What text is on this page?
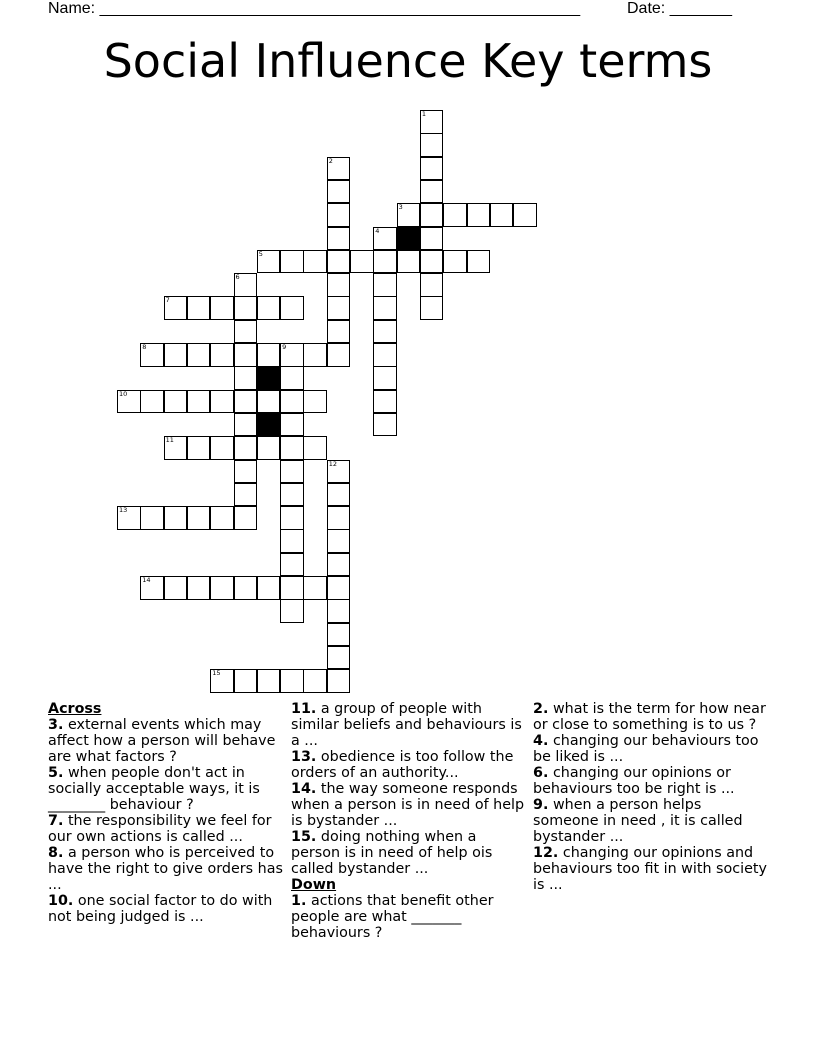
Name: ______________________________________________________	Date: _______
Social Influence Key terms
1
2
3
4
5
6
7
8	9
10
11
12
13
14
15
Across
3. external events which may affect how a person will behave are what factors ?
5. when people don't act in socially acceptable ways, it is ________ behaviour ?
7. the responsibility we feel for our own actions is called ...
8. a person who is perceived to have the right to give orders has ...
10. one social factor to do with not being judged is ...
11. a group of people with similar beliefs and behaviours is a ...
13. obedience is too follow the orders of an authority...
14. the way someone responds when a person is in need of help is bystander ...
15. doing nothing when a person is in need of help ois called bystander ...
Down
1. actions that benefit other people are what _______ behaviours ?
2. what is the term for how near or close to something is to us ?
4. changing our behaviours too be liked is ...
6. changing our opinions or behaviours too be right is ...
9. when a person helps someone in need , it is called bystander ...
12. changing our opinions and behaviours too fit in with society is ...
